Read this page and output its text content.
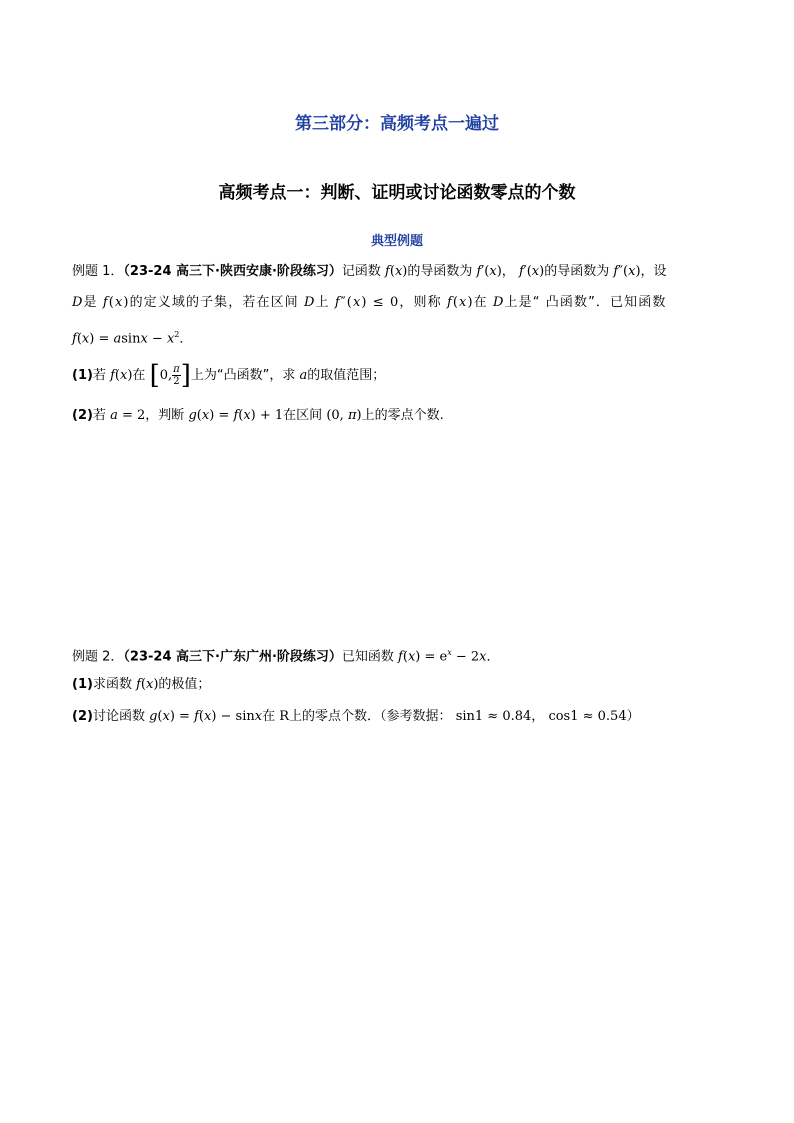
第三部分：高频考点一遍过
高频考点一：判断、证明或讨论函数零点的个数
典型例题
例题 1．（23-24 高三下·陕西安康·阶段练习）记函数 f(x)的导函数为 f′(x)， f′(x)的导函数为 f″(x)，设
D是 f(x)的定义域的子集，若在区间 D上 f″(x) ≤ 0，则称 f(x)在 D上是“ 凸函数”．已知函数
$f(x) = asinx - x^2$．
(1)若 f(x)在 [0, $\frac{\pi}{2}$ ]上为“凸函数”，求 a的取值范围；
(2)若 a = 2，判断 g(x) = f(x) + 1在区间 (0, π)上的零点个数.
例题 2．（23-24 高三下·广东广州·阶段练习）已知函数 $f(x) = e^x - 2x$．
(1)求函数 f(x)的极值；
(2)讨论函数 g(x) = f(x) − sinx在 R上的零点个数．（参考数据： sin1 ≈ 0.84， cos1 ≈ 0.54）
